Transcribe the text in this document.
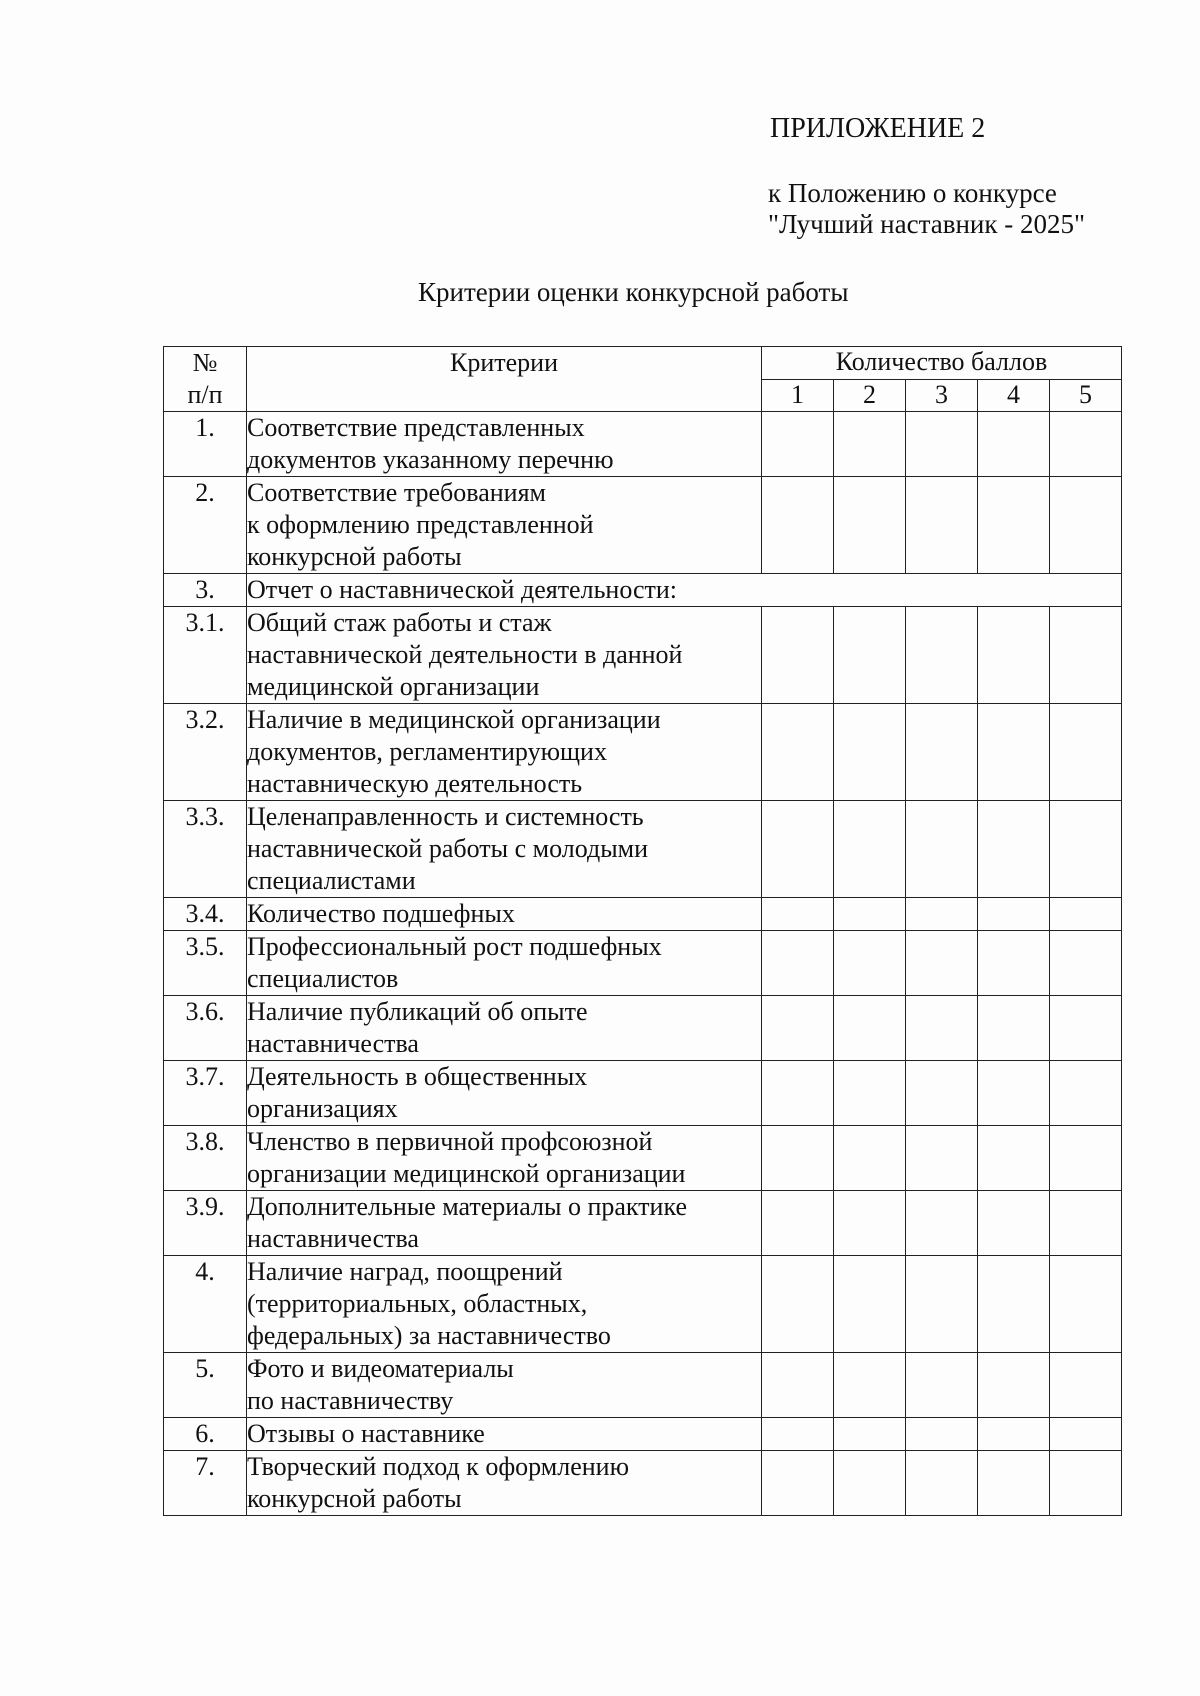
ПРИЛОЖЕНИЕ 2
к Положению о конкурсе
"Лучший наставник - 2025"
Критерии оценки конкурсной работы
№
п/п	Критерии	Количество баллов				
		1	2	3	4	5
1.	Соответствие представленных
документов указанному перечню					
2.	Соответствие требованиям
к оформлению представленной
конкурсной работы					
3.	Отчет о наставнической деятельности:					
3.1.	Общий стаж работы и стаж
наставнической деятельности в данной
медицинской организации					
3.2.	Наличие в медицинской организации
документов, регламентирующих
наставническую деятельность					
3.3.	Целенаправленность и системность
наставнической работы с молодыми
специалистами					
3.4.	Количество подшефных					
3.5.	Профессиональный рост подшефных
специалистов					
3.6.	Наличие публикаций об опыте
наставничества					
3.7.	Деятельность в общественных
организациях					
3.8.	Членство в первичной профсоюзной
организации медицинской организации					
3.9.	Дополнительные материалы о практике
наставничества					
4.	Наличие наград, поощрений
(территориальных, областных,
федеральных) за наставничество					
5.	Фото и видеоматериалы
по наставничеству					
6.	Отзывы о наставнике					
7.	Творческий подход к оформлению
конкурсной работы					
